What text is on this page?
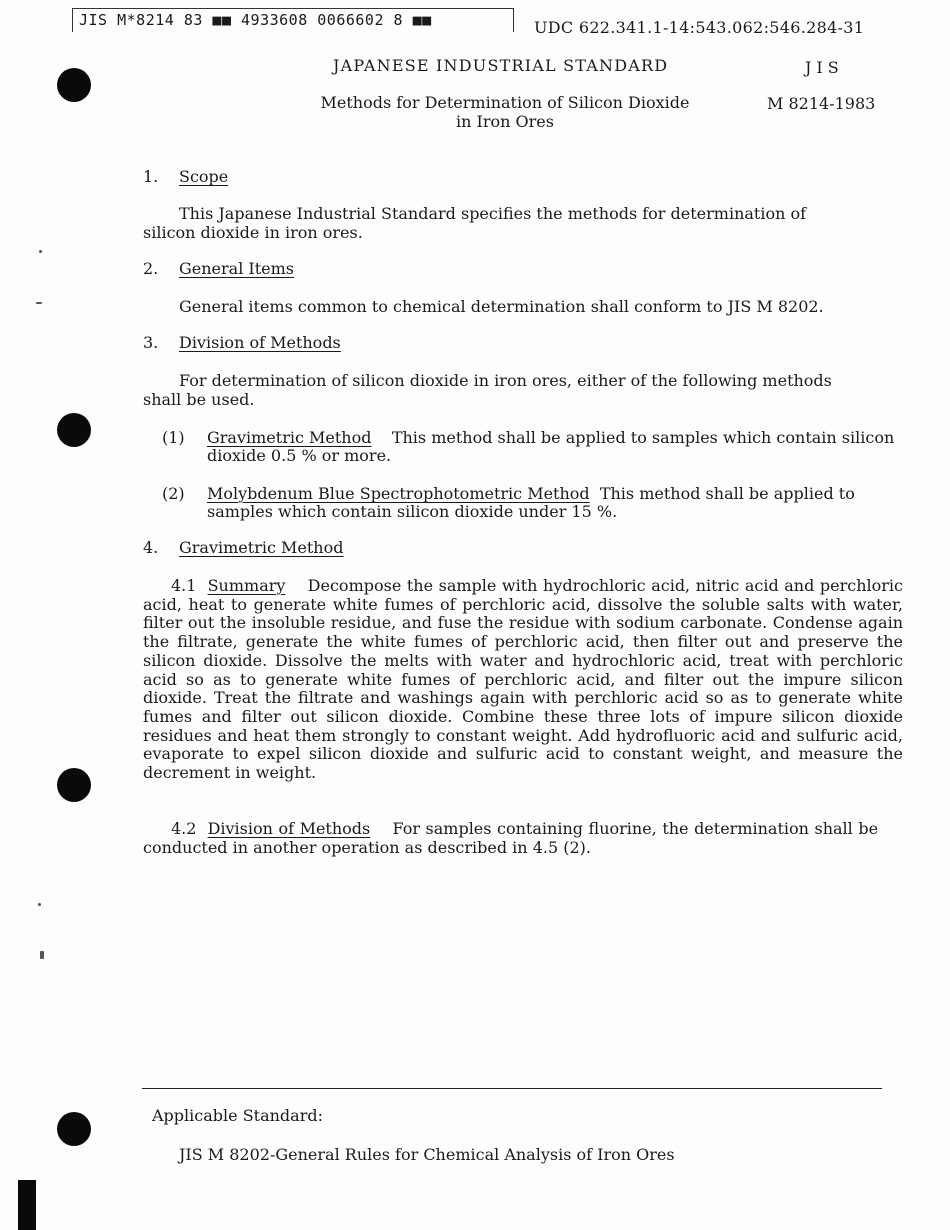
JIS M*8214 83 ■■ 4933608 0066602 8 ■■	UDC 622.341.1-14:543.062:546.284-31
JAPANESE INDUSTRIAL STANDARD	JIS
Methods for Determination of Silicon Dioxide
in Iron Ores
M 8214-1983
1. Scope
This Japanese Industrial Standard specifies the methods for determination of silicon dioxide in iron ores.
2. General Items
General items common to chemical determination shall conform to JIS M 8202.
3. Division of Methods
For determination of silicon dioxide in iron ores, either of the following methods shall be used.
(1) Gravimetric Method This method shall be applied to samples which contain silicon dioxide 0.5 % or more.
(2) Molybdenum Blue Spectrophotometric Method This method shall be applied to samples which contain silicon dioxide under 15 %.
4. Gravimetric Method
4.1 Summary Decompose the sample with hydrochloric acid, nitric acid and perchloric acid, heat to generate white fumes of perchloric acid, dissolve the soluble salts with water, filter out the insoluble residue, and fuse the residue with sodium carbonate. Condense again the filtrate, generate the white fumes of perchloric acid, then filter out and preserve the silicon dioxide. Dissolve the melts with water and hydrochloric acid, treat with perchloric acid so as to generate white fumes of perchloric acid, and filter out the impure silicon dioxide. Treat the filtrate and washings again with perchloric acid so as to generate white fumes and filter out silicon dioxide. Combine these three lots of impure silicon dioxide residues and heat them strongly to constant weight. Add hydrofluoric acid and sulfuric acid, evaporate to expel silicon dioxide and sulfuric acid to constant weight, and measure the decrement in weight.
4.2 Division of Methods For samples containing fluorine, the determination shall be conducted in another operation as described in 4.5 (2).
Applicable Standard:
JIS M 8202-General Rules for Chemical Analysis of Iron Ores
